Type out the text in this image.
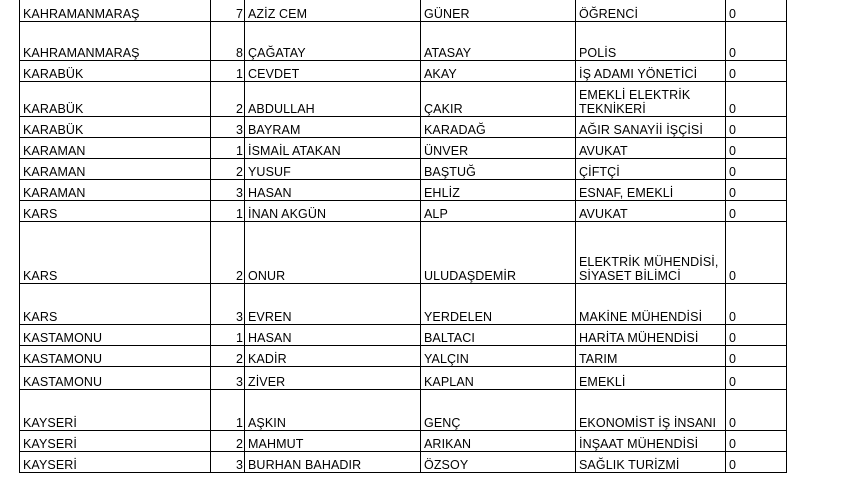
KAHRAMANMARAŞ	7	AZİZ CEM	GÜNER	ÖĞRENCİ	0
KAHRAMANMARAŞ	8	ÇAĞATAY	ATASAY	POLİS	0
KARABÜK	1	CEVDET	AKAY	İŞ ADAMI YÖNETİCİ	0
KARABÜK	2	ABDULLAH	ÇAKIR	EMEKLİ ELEKTRİK TEKNİKERİ	0
KARABÜK	3	BAYRAM	KARADAĞ	AĞIR SANAYİİ İŞÇİSİ	0
KARAMAN	1	İSMAİL ATAKAN	ÜNVER	AVUKAT	0
KARAMAN	2	YUSUF	BAŞTUĞ	ÇİFTÇİ	0
KARAMAN	3	HASAN	EHLİZ	ESNAF, EMEKLİ	0
KARS	1	İNAN AKGÜN	ALP	AVUKAT	0
KARS	2	ONUR	ULUDAŞDEMİR	ELEKTRİK MÜHENDİSİ, SİYASET BİLİMCİ	0
KARS	3	EVREN	YERDELEN	MAKİNE MÜHENDİSİ	0
KASTAMONU	1	HASAN	BALTACI	HARİTA MÜHENDİSİ	0
KASTAMONU	2	KADİR	YALÇIN	TARIM	0
KASTAMONU	3	ZİVER	KAPLAN	EMEKLİ	0
KAYSERİ	1	AŞKIN	GENÇ	EKONOMİST İŞ İNSANI	0
KAYSERİ	2	MAHMUT	ARIKAN	İNŞAAT MÜHENDİSİ	0
KAYSERİ	3	BURHAN BAHADIR	ÖZSOY	SAĞLIK TURİZMİ	0
